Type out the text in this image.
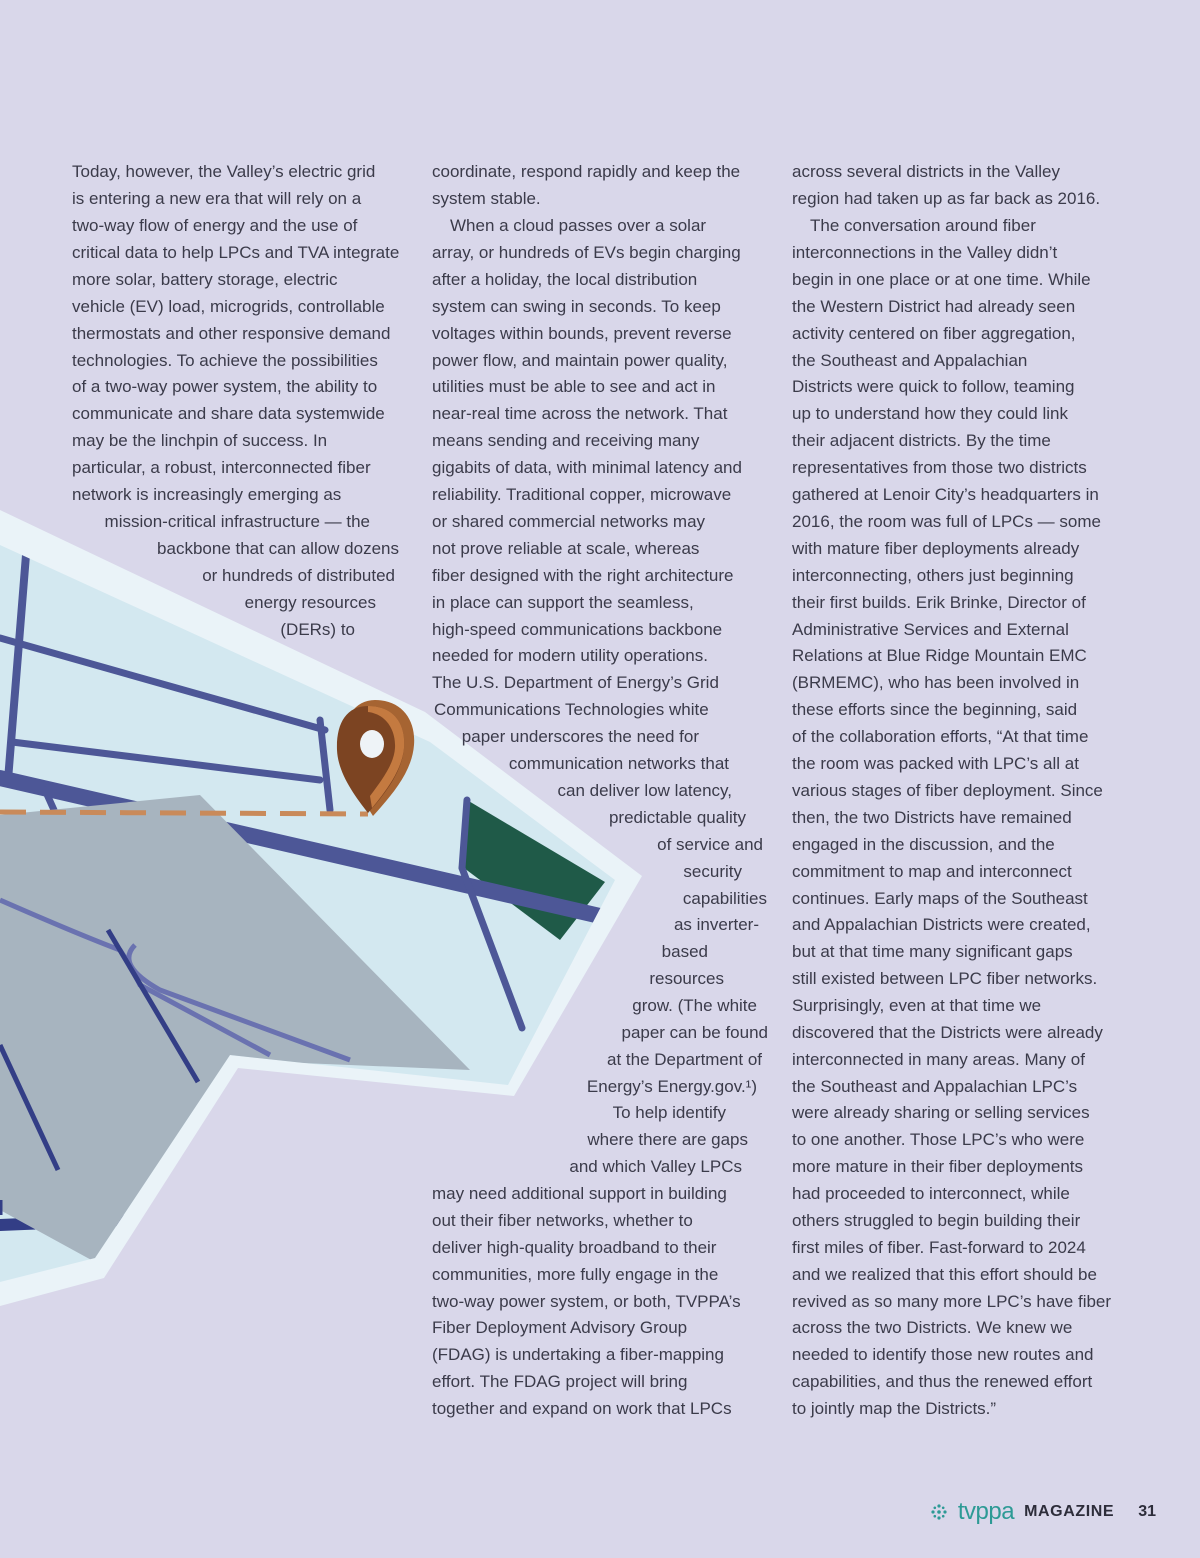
Today, however, the Valley’s electric grid
is entering a new era that will rely on a
two-way flow of energy and the use of
critical data to help LPCs and TVA integrate
more solar, battery storage, electric
vehicle (EV) load, microgrids, controllable
thermostats and other responsive demand
technologies. To achieve the possibilities
of a two-way power system, the ability to
communicate and share data systemwide
may be the linchpin of success. In
particular, a robust, interconnected fiber
network is increasingly emerging as
mission-critical infrastructure — the
backbone that can allow dozens
or hundreds of distributed
energy resources
(DERs) to
coordinate, respond rapidly and keep the
system stable.
When a cloud passes over a solar
array, or hundreds of EVs begin charging
after a holiday, the local distribution
system can swing in seconds. To keep
voltages within bounds, prevent reverse
power flow, and maintain power quality,
utilities must be able to see and act in
near-real time across the network. That
means sending and receiving many
gigabits of data, with minimal latency and
reliability. Traditional copper, microwave
or shared commercial networks may
not prove reliable at scale, whereas
fiber designed with the right architecture
in place can support the seamless,
high-speed communications backbone
needed for modern utility operations.
The U.S. Department of Energy’s Grid
Communications Technologies white
paper underscores the need for
communication networks that
can deliver low latency,
predictable quality
of service and
security
capabilities
as inverter-
based
resources
grow. (The white
paper can be found
at the Department of
Energy’s Energy.gov.¹)
To help identify
where there are gaps
and which Valley LPCs
may need additional support in building
out their fiber networks, whether to
deliver high-quality broadband to their
communities, more fully engage in the
two-way power system, or both, TVPPA’s
Fiber Deployment Advisory Group
(FDAG) is undertaking a fiber-mapping
effort. The FDAG project will bring
together and expand on work that LPCs
across several districts in the Valley
region had taken up as far back as 2016.
The conversation around fiber
interconnections in the Valley didn’t
begin in one place or at one time. While
the Western District had already seen
activity centered on fiber aggregation,
the Southeast and Appalachian
Districts were quick to follow, teaming
up to understand how they could link
their adjacent districts. By the time
representatives from those two districts
gathered at Lenoir City’s headquarters in
2016, the room was full of LPCs — some
with mature fiber deployments already
interconnecting, others just beginning
their first builds. Erik Brinke, Director of
Administrative Services and External
Relations at Blue Ridge Mountain EMC
(BRMEMC), who has been involved in
these efforts since the beginning, said
of the collaboration efforts, “At that time
the room was packed with LPC’s all at
various stages of fiber deployment. Since
then, the two Districts have remained
engaged in the discussion, and the
commitment to map and interconnect
continues. Early maps of the Southeast
and Appalachian Districts were created,
but at that time many significant gaps
still existed between LPC fiber networks.
Surprisingly, even at that time we
discovered that the Districts were already
interconnected in many areas. Many of
the Southeast and Appalachian LPC’s
were already sharing or selling services
to one another. Those LPC’s who were
more mature in their fiber deployments
had proceeded to interconnect, while
others struggled to begin building their
first miles of fiber. Fast-forward to 2024
and we realized that this effort should be
revived as so many more LPC’s have fiber
across the two Districts. We knew we
needed to identify those new routes and
capabilities, and thus the renewed effort
to jointly map the Districts.”
tvppa MAGAZINE 31
